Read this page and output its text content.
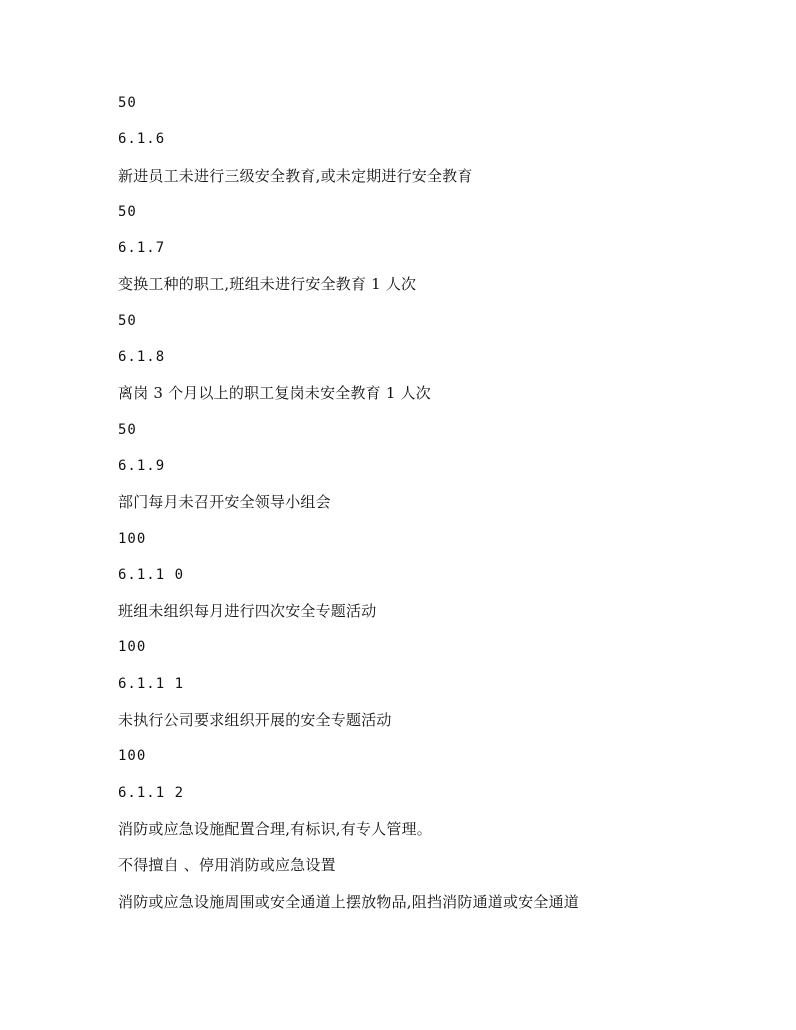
50
6.1.6
新进员工未进行三级安全教育,或未定期进行安全教育
50
6.1.7
变换工种的职工,班组未进行安全教育 1 人次
50
6.1.8
离岗 3 个月以上的职工复岗未安全教育 1 人次
50
6.1.9
部门每月未召开安全领导小组会
100
6.1.1 0
班组未组织每月进行四次安全专题活动
100
6.1.1 1
未执行公司要求组织开展的安全专题活动
100
6.1.1 2
消防或应急设施配置合理,有标识,有专人管理。
不得擅自 、停用消防或应急设置
消防或应急设施周围或安全通道上摆放物品,阻挡消防通道或安全通道
